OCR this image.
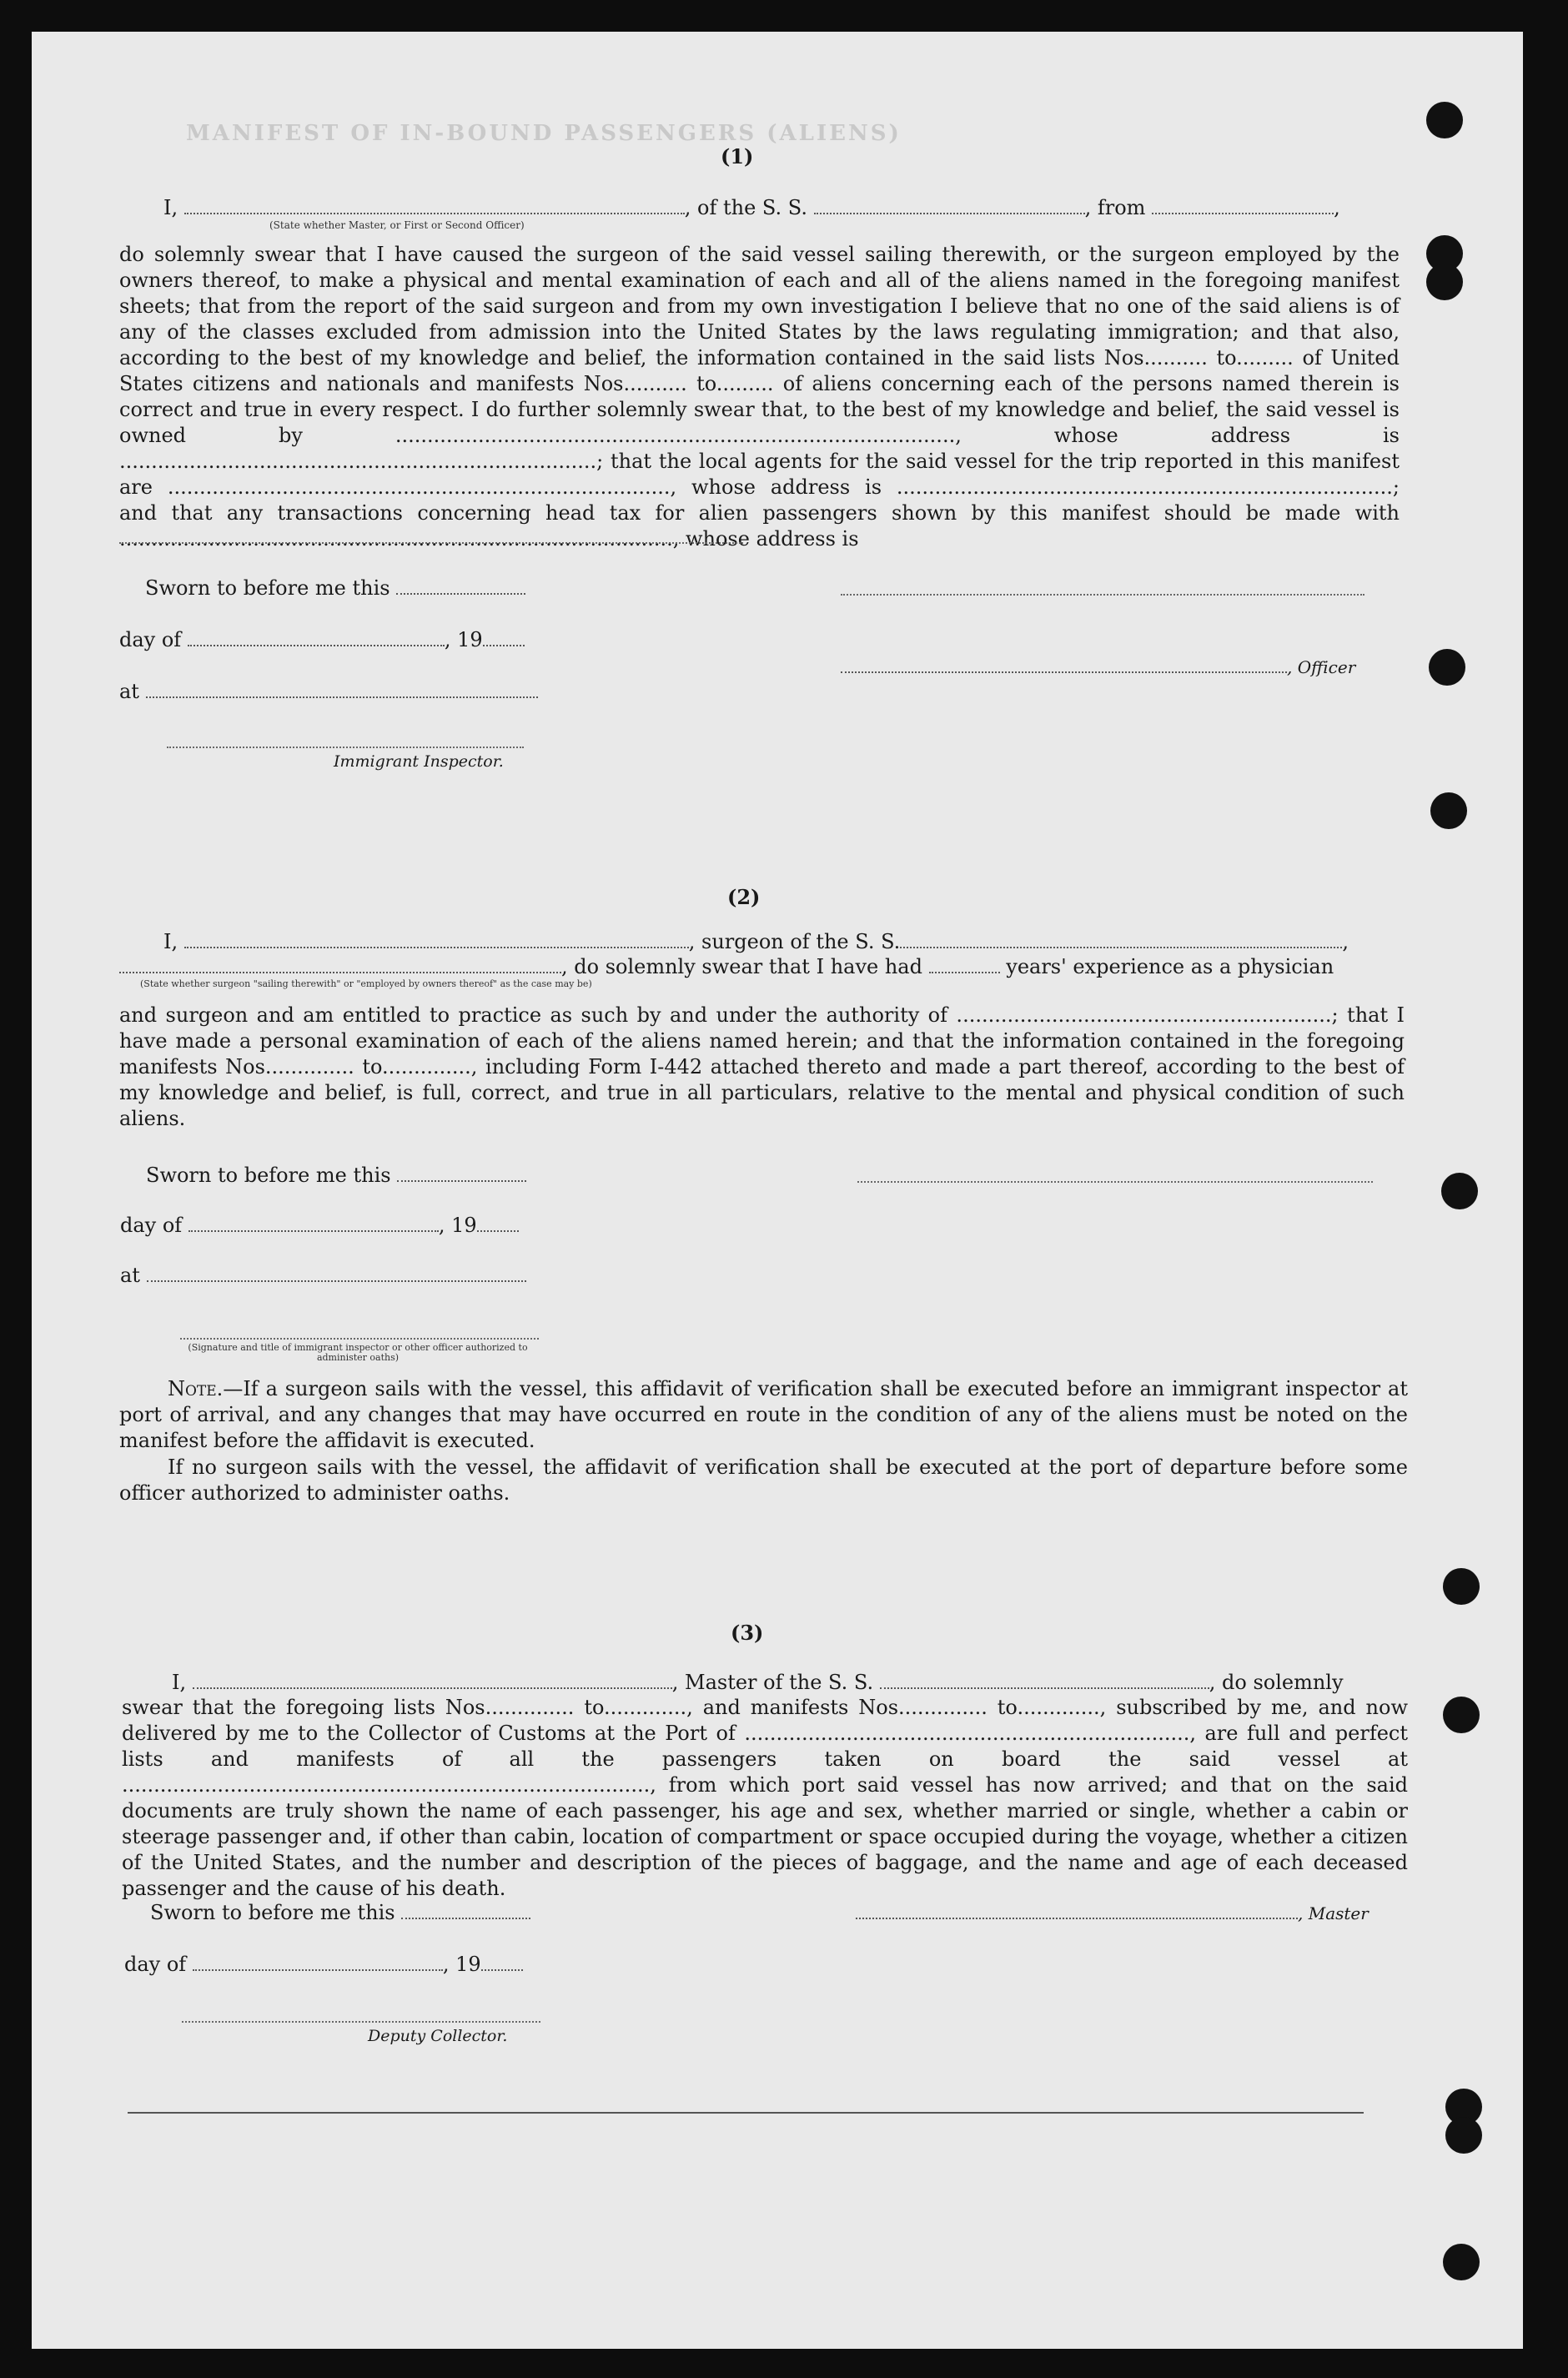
MANIFEST OF IN-BOUND PASSENGERS (ALIENS)
(1)
I,	, of the S. S.	, from	,
(State whether Master, or First or Second Officer)
do solemnly swear that I have caused the surgeon of the said vessel sailing therewith, or the surgeon employed by the owners thereof, to make a physical and mental examination of each and all of the aliens named in the foregoing manifest sheets; that from the report of the said surgeon and from my own investigation I believe that no one of the said aliens is of any of the classes excluded from admission into the United States by the laws regulating immigration; and that also, according to the best of my knowledge and belief, the information contained in the said lists Nos.......... to......... of United States citizens and nationals and manifests Nos.......... to......... of aliens concerning each of the persons named therein is correct and true in every respect. I do further solemnly swear that, to the best of my knowledge and belief, the said vessel is owned by ........................................................................................, whose address is ...........................................................................; that the local agents for the said vessel for the trip reported in this manifest are ..............................................................................., whose address is ..............................................................................; and that any transactions concerning head tax for alien passengers shown by this manifest should be made with ......................................................................................., whose address is
Sworn to before me this
day of	, 19
, Officer
at
Immigrant Inspector.
(2)
I,	, surgeon of the S. S.	,
, do solemnly swear that I have had	years' experience as a physician
(State whether surgeon "sailing therewith" or "employed by owners thereof" as the case may be)
and surgeon and am entitled to practice as such by and under the authority of ...........................................................; that I have made a personal examination of each of the aliens named herein; and that the information contained in the foregoing manifests Nos.............. to.............., including Form I-442 attached thereto and made a part thereof, according to the best of my knowledge and belief, is full, correct, and true in all particulars, relative to the mental and physical condition of such aliens.
Sworn to before me this
day of	, 19
at
(Signature and title of immigrant inspector or other officer authorized to administer oaths)
Note.—If a surgeon sails with the vessel, this affidavit of verification shall be executed before an immigrant inspector at port of arrival, and any changes that may have occurred en route in the condition of any of the aliens must be noted on the manifest before the affidavit is executed.
If no surgeon sails with the vessel, the affidavit of verification shall be executed at the port of departure before some officer authorized to administer oaths.
(3)
I,	, Master of the S. S.	, do solemnly
swear that the foregoing lists Nos.............. to............., and manifests Nos.............. to............., subscribed by me, and now delivered by me to the Collector of Customs at the Port of ......................................................................, are full and perfect lists and manifests of all the passengers taken on board the said vessel at ..................................................................................., from which port said vessel has now arrived; and that on the said documents are truly shown the name of each passenger, his age and sex, whether married or single, whether a cabin or steerage passenger and, if other than cabin, location of compartment or space occupied during the voyage, whether a citizen of the United States, and the number and description of the pieces of baggage, and the name and age of each deceased passenger and the cause of his death.
Sworn to before me this	, Master
day of	, 19
Deputy Collector.
